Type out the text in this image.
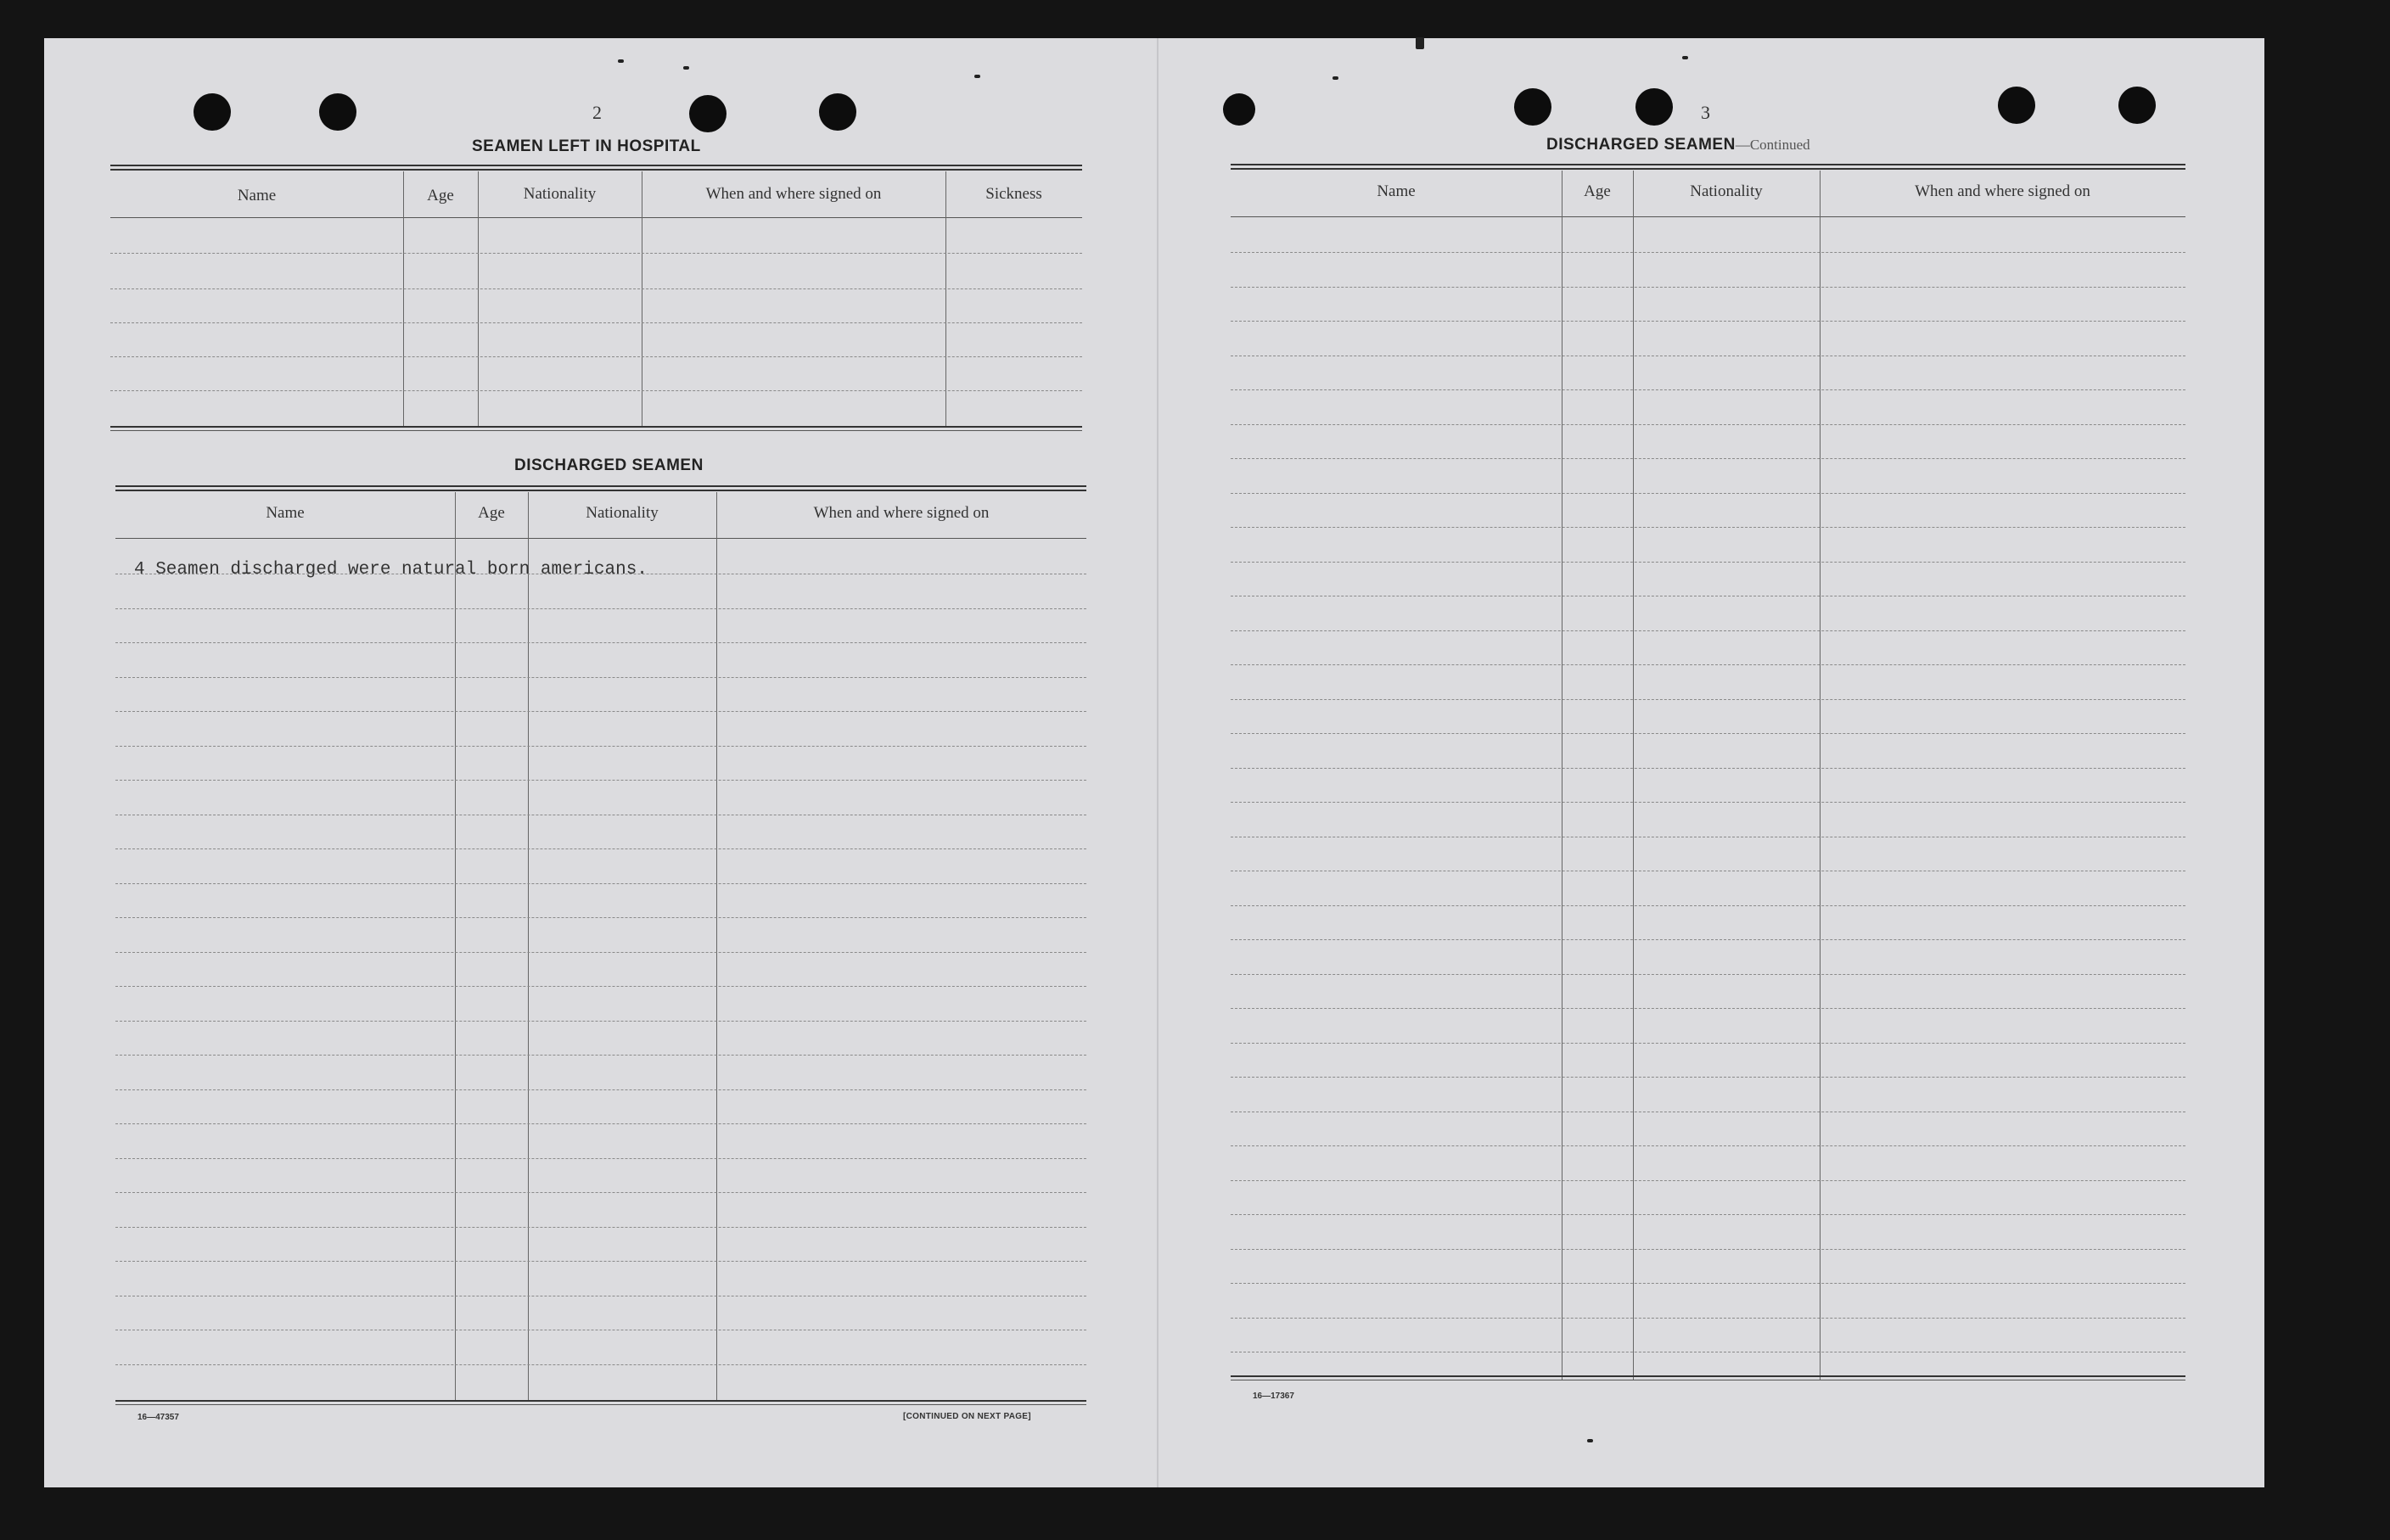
2
SEAMEN LEFT IN HOSPITAL
Name	Age	Nationality	When and where signed on	Sickness
DISCHARGED SEAMEN
Name	Age	Nationality	When and where signed on
4 Seamen discharged were natural born americans.
16—47357	[CONTINUED ON NEXT PAGE]
3
DISCHARGED SEAMEN—Continued
Name	Age	Nationality	When and where signed on
16—17367
